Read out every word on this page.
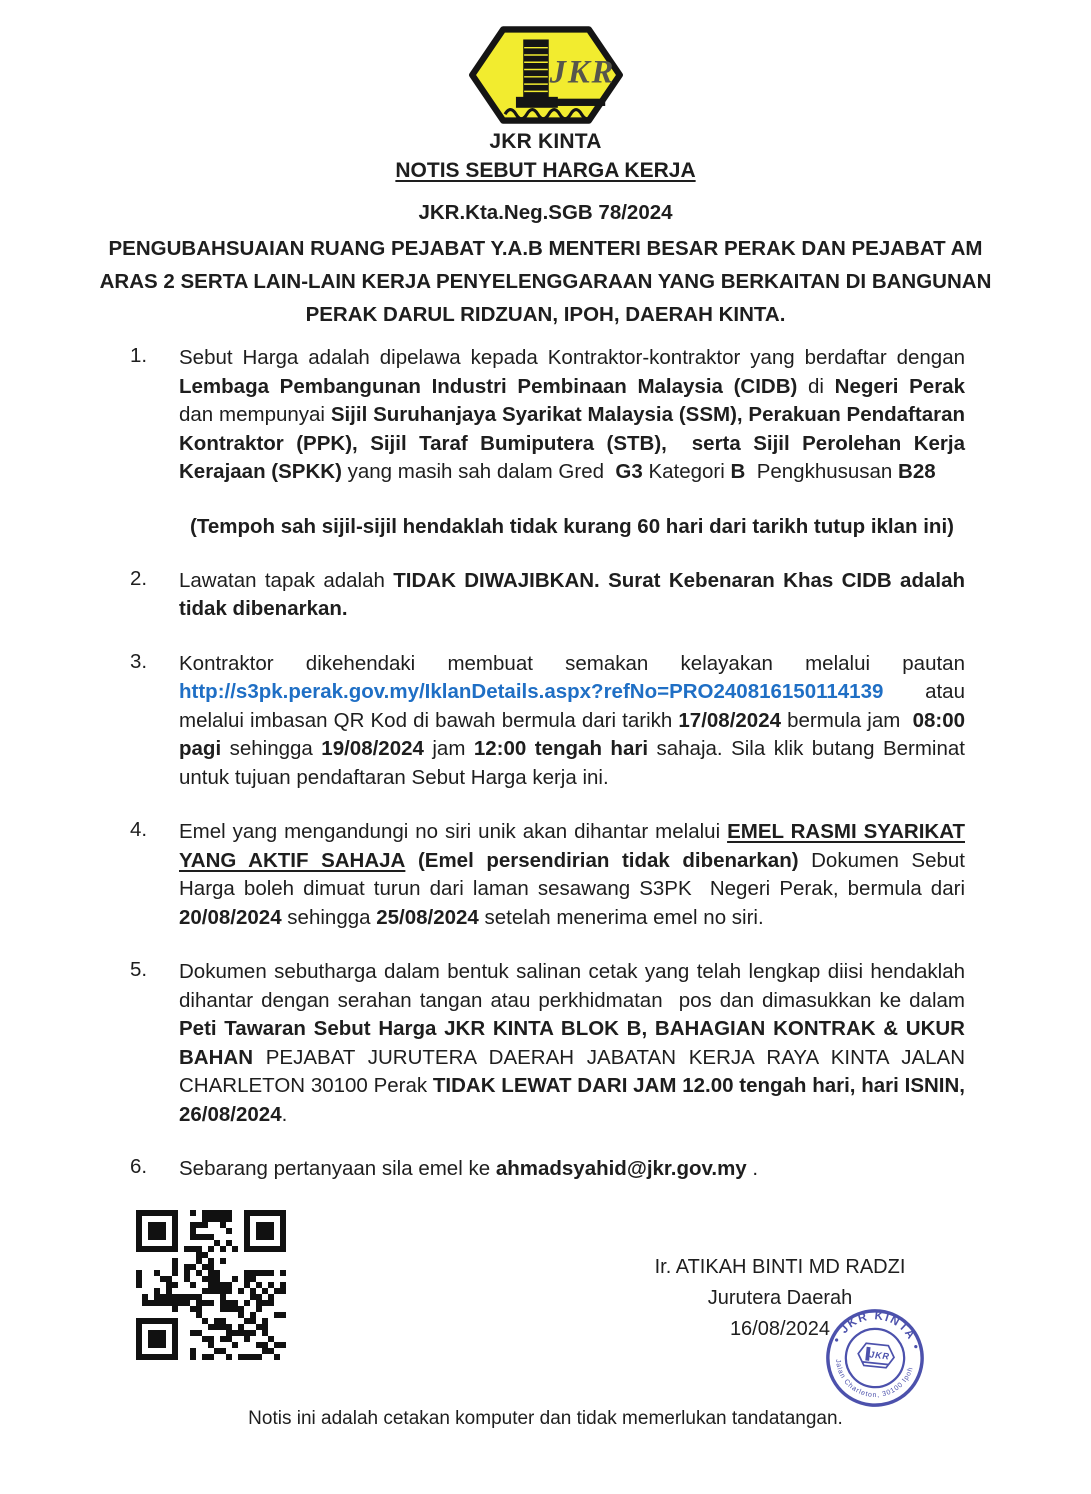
JKR
JKR KINTA
NOTIS SEBUT HARGA KERJA
JKR.Kta.Neg.SGB 78/2024
PENGUBAHSUAIAN RUANG PEJABAT Y.A.B MENTERI BESAR PERAK DAN PEJABAT AM
ARAS 2 SERTA LAIN-LAIN KERJA PENYELENGGARAAN YANG BERKAITAN DI BANGUNAN
PERAK DARUL RIDZUAN, IPOH, DAERAH KINTA.
1.	Sebut Harga adalah dipelawa kepada Kontraktor-kontraktor yang berdaftar dengan Lembaga Pembangunan Industri Pembinaan Malaysia (CIDB) di Negeri Perak dan mempunyai Sijil Suruhanjaya Syarikat Malaysia (SSM), Perakuan Pendaftaran Kontraktor (PPK), Sijil Taraf Bumiputera (STB),  serta Sijil Perolehan Kerja Kerajaan (SPKK) yang masih sah dalam Gred  G3 Kategori B  Pengkhususan B28
(Tempoh sah sijil-sijil hendaklah tidak kurang 60 hari dari tarikh tutup iklan ini)
2.	Lawatan tapak adalah TIDAK DIWAJIBKAN. Surat Kebenaran Khas CIDB adalah tidak dibenarkan.
3.	Kontraktor dikehendaki membuat semakan kelayakan melalui pautan http://s3pk.perak.gov.my/IklanDetails.aspx?refNo=PRO240816150114139 atau melalui imbasan QR Kod di bawah bermula dari tarikh 17/08/2024 bermula jam  08:00 pagi sehingga 19/08/2024 jam 12:00 tengah hari sahaja. Sila klik butang Berminat untuk tujuan pendaftaran Sebut Harga kerja ini.
4.	Emel yang mengandungi no siri unik akan dihantar melalui EMEL RASMI SYARIKAT YANG AKTIF SAHAJA (Emel persendirian tidak dibenarkan) Dokumen Sebut Harga boleh dimuat turun dari laman sesawang S3PK  Negeri Perak, bermula dari 20/08/2024 sehingga 25/08/2024 setelah menerima emel no siri.
5.	Dokumen sebutharga dalam bentuk salinan cetak yang telah lengkap diisi hendaklah dihantar dengan serahan tangan atau perkhidmatan  pos dan dimasukkan ke dalam Peti Tawaran Sebut Harga JKR KINTA BLOK B, BAHAGIAN KONTRAK & UKUR BAHAN PEJABAT JURUTERA DAERAH JABATAN KERJA RAYA KINTA JALAN CHARLETON 30100 Perak TIDAK LEWAT DARI JAM 12.00 tengah hari, hari ISNIN, 26/08/2024.
6.	Sebarang pertanyaan sila emel ke ahmadsyahid@jkr.gov.my .
Ir. ATIKAH BINTI MD RADZI
Jurutera Daerah
16/08/2024 • JKR KINTA •
Jalan Charleton, 30100 Ipoh
JKR
Notis ini adalah cetakan komputer dan tidak memerlukan tandatangan.
